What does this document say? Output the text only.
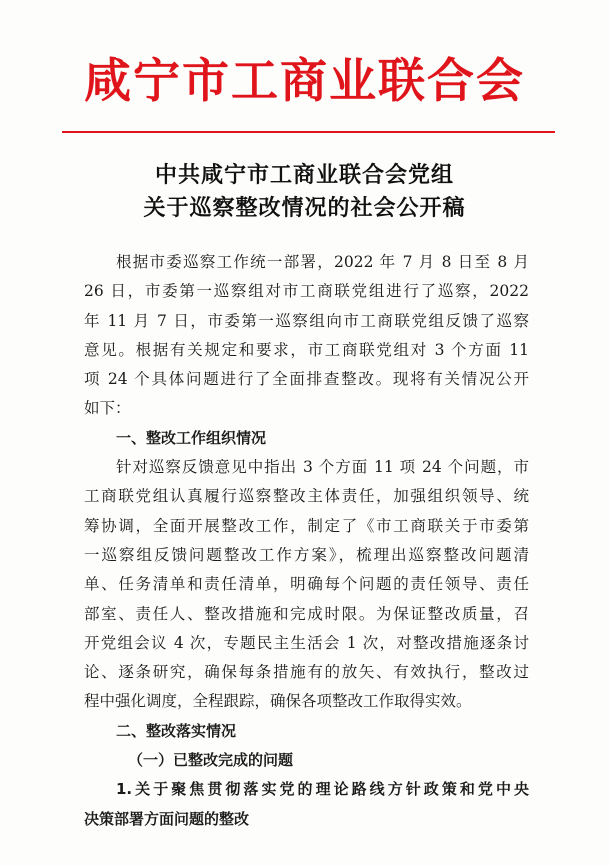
咸宁市工商业联合会
中共咸宁市工商业联合会党组
关于巡察整改情况的社会公开稿
根据市委巡察工作统一部署，2022 年 7 月 8 日至 8 月
26 日，市委第一巡察组对市工商联党组进行了巡察，2022
年 11 月 7 日，市委第一巡察组向市工商联党组反馈了巡察
意见。根据有关规定和要求，市工商联党组对 3 个方面 11
项 24 个具体问题进行了全面排查整改。现将有关情况公开
如下：
一、整改工作组织情况
针对巡察反馈意见中指出 3 个方面 11 项 24 个问题，市
工商联党组认真履行巡察整改主体责任，加强组织领导、统
筹协调，全面开展整改工作，制定了《市工商联关于市委第
一巡察组反馈问题整改工作方案》，梳理出巡察整改问题清
单、任务清单和责任清单，明确每个问题的责任领导、责任
部室、责任人、整改措施和完成时限。为保证整改质量，召
开党组会议 4 次，专题民主生活会 1 次，对整改措施逐条讨
论、逐条研究，确保每条措施有的放矢、有效执行，整改过
程中强化调度，全程跟踪，确保各项整改工作取得实效。
二、整改落实情况
（一）已整改完成的问题
1.关于聚焦贯彻落实党的理论路线方针政策和党中央
决策部署方面问题的整改
